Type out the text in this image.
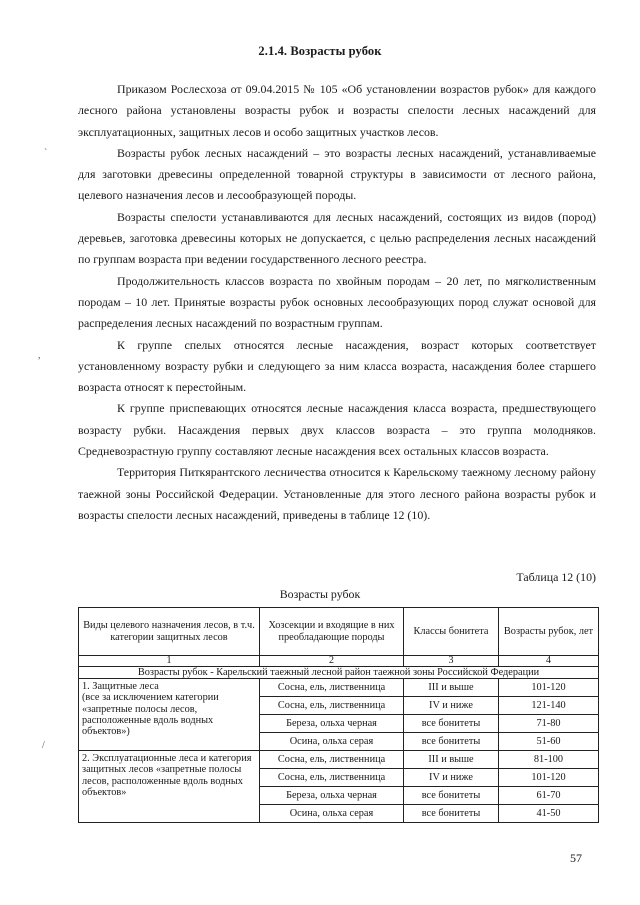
2.1.4. Возрасты рубок

Приказом Рослесхоза от 09.04.2015 № 105 «Об установлении возрастов рубок» для каждого лесного района установлены возрасты рубок и возрасты спелости лесных насаждений для эксплуатационных, защитных лесов и особо защитных участков лесов.

Возрасты рубок лесных насаждений – это возрасты лесных насаждений, устанавливаемые для заготовки древесины определенной товарной структуры в зависимости от лесного района, целевого назначения лесов и лесообразующей породы.

Возрасты спелости устанавливаются для лесных насаждений, состоящих из видов (пород) деревьев, заготовка древесины которых не допускается, с целью распределения лесных насаждений по группам возраста при ведении государственного лесного реестра.

Продолжительность классов возраста по хвойным породам – 20 лет, по мягколиственным породам – 10 лет. Принятые возрасты рубок основных лесообразующих пород служат основой для распределения лесных насаждений по возрастным группам.

К группе спелых относятся лесные насаждения, возраст которых соответствует установленному возрасту рубки и следующего за ним класса возраста, насаждения более старшего возраста относят к перестойным.

К группе приспевающих относятся лесные насаждения класса возраста, предшествующего возрасту рубки. Насаждения первых двух классов возраста – это группа молодняков. Средневозрастную группу составляют лесные насаждения всех остальных классов возраста.

Территория Питкярантского лесничества относится к Карельскому таежному лесному району таежной зоны Российской Федерации. Установленные для этого лесного района возрасты рубок и возрасты спелости лесных насаждений, приведены в таблице 12 (10).

Таблица 12 (10)
Возрасты рубок
Виды целевого назначения лесов, в т.ч. категории защитных лесов	Хозсекции и входящие в них преобладающие породы	Классы бонитета	Возрасты рубок, лет
1	2	3	4
Возрасты рубок - Карельский таежный лесной район таежной зоны Российской Федерации			
1. Защитные леса
(все за исключением категории «запретные полосы лесов, расположенные вдоль водных объектов»)	Сосна, ель, лиственница	III и выше	101-120
	Сосна, ель, лиственница	IV и ниже	121-140
	Береза, ольха черная	все бонитеты	71-80
	Осина, ольха серая	все бонитеты	51-60
2. Эксплуатационные леса и категория защитных лесов «запретные полосы лесов, расположенные вдоль водных объектов»	Сосна, ель, лиственница	III и выше	81-100
	Сосна, ель, лиственница	IV и ниже	101-120
	Береза, ольха черная	все бонитеты	61-70
	Осина, ольха серая	все бонитеты	41-50
57
`
,
/
